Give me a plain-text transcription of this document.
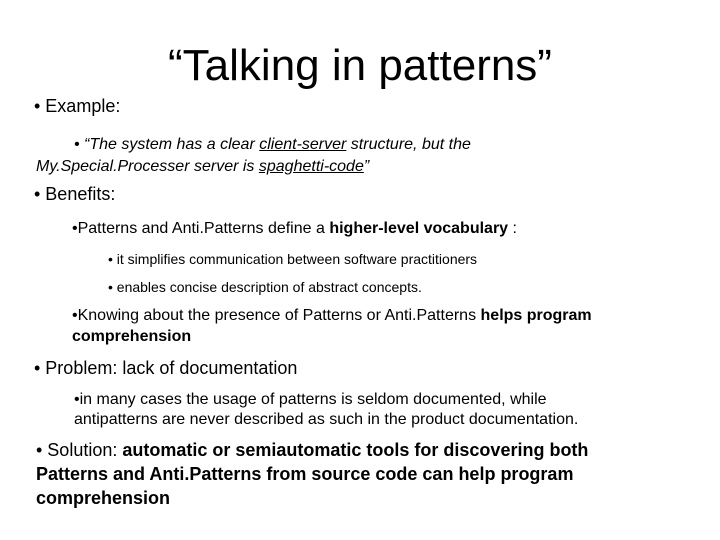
“Talking in patterns”
• Example:
• “The system has a clear client-server structure, but the
My.Special.Processer server is spaghetti-code”
• Benefits:
•Patterns and Anti.Patterns define a higher-level vocabulary :
• it simplifies communication between software practitioners
• enables concise description of abstract concepts.
•Knowing about the presence of Patterns or Anti.Patterns helps program
comprehension
• Problem: lack of documentation
•in many cases the usage of patterns is seldom documented, while
antipatterns are never described as such in the product documentation.
• Solution: automatic or semiautomatic tools for discovering both
Patterns and Anti.Patterns from source code can help program
comprehension
